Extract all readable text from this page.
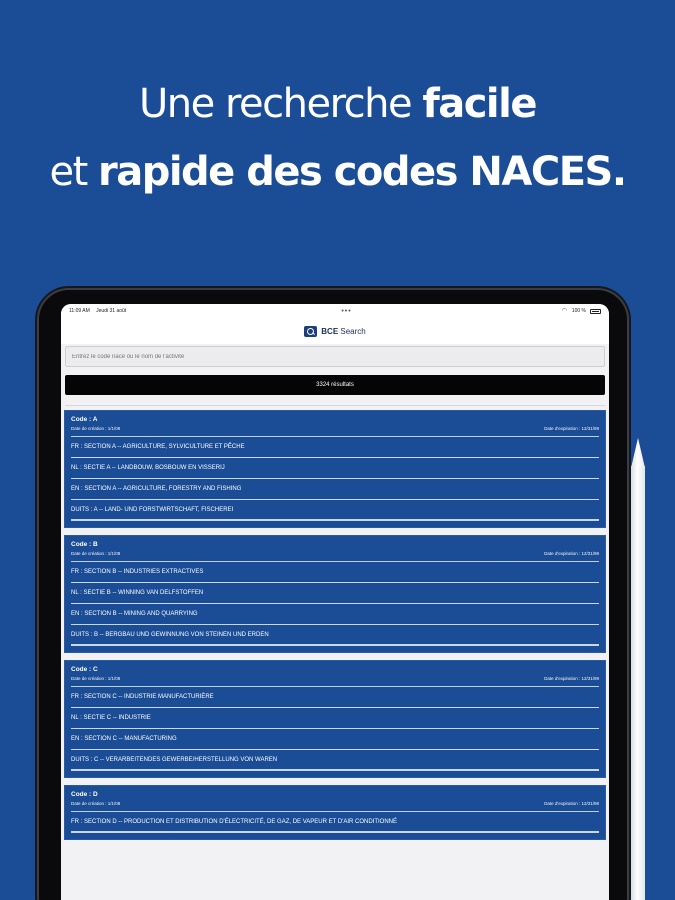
Une recherche facile
et rapide des codes NACES.
11:09 AM Jeudi 31 août	•••	◠ 100 %
BCE Search
Entrez le code nace ou le nom de l'activité
3324 résultats
Code : A
Date de création : 1/1/08	Date d'expiration : 12/31/99
FR : SECTION A -- AGRICULTURE, SYLVICULTURE ET PÊCHE
NL : SECTIE A -- LANDBOUW, BOSBOUW EN VISSERIJ
EN : SECTION A -- AGRICULTURE, FORESTRY AND FISHING
DUITS : A -- LAND- UND FORSTWIRTSCHAFT, FISCHEREI
Code : B
Date de création : 1/1/08	Date d'expiration : 12/31/99
FR : SECTION B -- INDUSTRIES EXTRACTIVES
NL : SECTIE B -- WINNING VAN DELFSTOFFEN
EN : SECTION B -- MINING AND QUARRYING
DUITS : B -- BERGBAU UND GEWINNUNG VON STEINEN UND ERDEN
Code : C
Date de création : 1/1/08	Date d'expiration : 12/31/99
FR : SECTION C -- INDUSTRIE MANUFACTURIÈRE
NL : SECTIE C -- INDUSTRIE
EN : SECTION C -- MANUFACTURING
DUITS : C -- VERARBEITENDES GEWERBE/HERSTELLUNG VON WAREN
Code : D
Date de création : 1/1/08	Date d'expiration : 12/31/99
FR : SECTION D -- PRODUCTION ET DISTRIBUTION D'ÉLECTRICITÉ, DE GAZ, DE VAPEUR ET D'AIR CONDITIONNÉ
